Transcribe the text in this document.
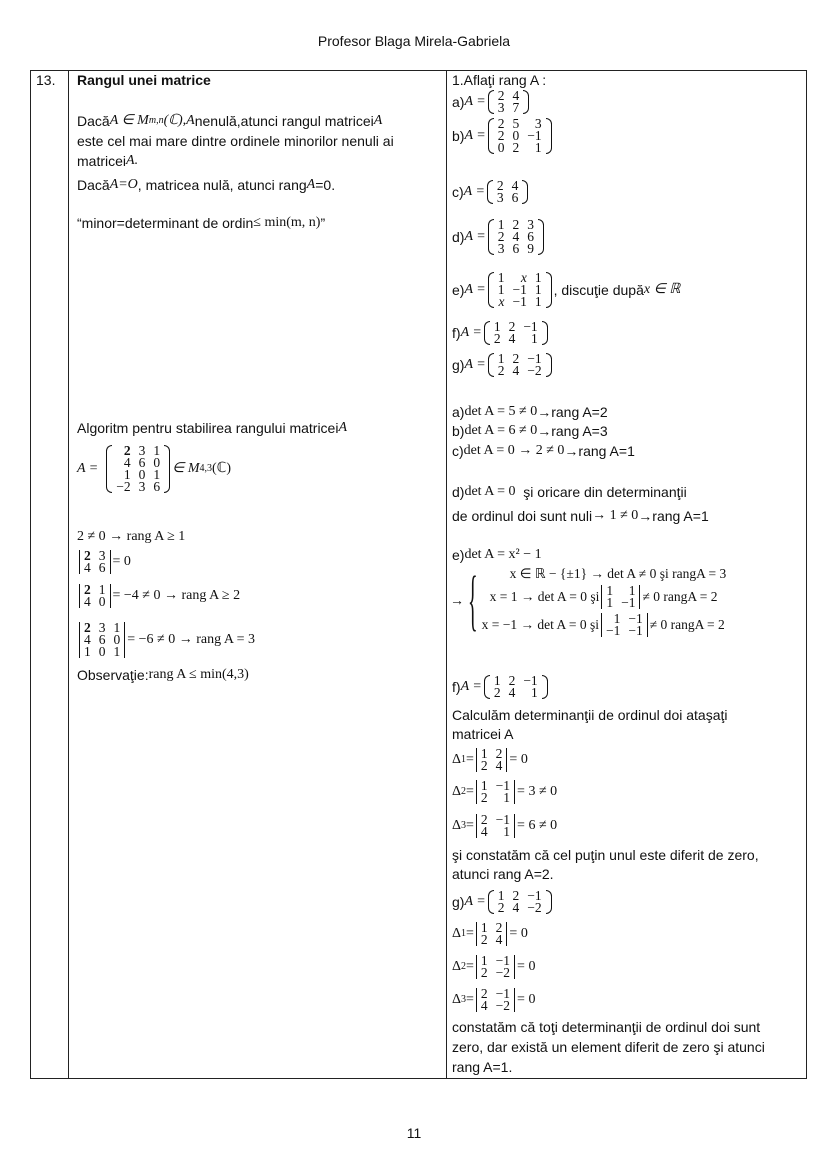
Profesor Blaga Mirela-Gabriela
13. Rangul unei matrice
Dacă A ∈ M m,n (ℂ),A nenulă,atunci rangul matricei A
este cel mai mare dintre ordinele minorilor nenuli ai
matricei A.
Dacă A=O , matricea nulă, atunci rang A =0.
“minor=determinant de ordin ≤ min(m, n) ”
Algoritm pentru stabilirea rangului matricei A
A =
2	3	1
4	6	0
1	0	1
−2	3	6
∈ M 4,3 (ℂ)
2 ≠ 0 → rang A ≥ 1
2	3
4	6 = 0
2	1
4	0 = −4 ≠ 0 → rang A ≥ 2
2	3	1
4	6	0
1	0	1
= −6 ≠ 0 → rang A = 3
Observaţie: rang A ≤ min(4,3)
1.Aflaţi rang A :
a) A = 2	4
3	7
b) A =
2	5	3
2	0	−1
0	2	1
c) A = 2	4
3	6
d) A =
1	2	3
2	4	6
3	6	9
e) A =
1	x	1
1	−1	1
x	−1	1
, discuţie după x ∈ ℝ
f) A = 1	2	−1
2	4	1
g) A = 1	2	−1
2	4	−2
a) det A = 5 ≠ 0 →rang A=2
b) det A = 6 ≠ 0 →rang A=3
c) det A = 0 → 2 ≠ 0 →rang A=1
d) det A = 0 şi oricare din determinanţii
de ordinul doi sunt nuli → 1 ≠ 0 →rang A=1
e) det A = x² − 1
→ {	x ∈ ℝ − {±1} → det A ≠ 0 şi rangA = 3
x = 1 → det A = 0 şi 1	1
1	−1 ≠ 0 rangA = 2
x = −1 → det A = 0 şi 1	−1
−1	−1 ≠ 0 rangA = 2
f) A = 1	2	−1
2	4	1
Calculăm determinanţii de ordinul doi ataşaţi
matricei A
Δ 1 = 1	2
2	4 = 0
Δ 2 = 1	−1
2	1 = 3 ≠ 0
Δ 3 = 2	−1
4	1 = 6 ≠ 0
şi constatăm că cel puţin unul este diferit de zero,
atunci rang A=2.
g) A = 1	2	−1
2	4	−2
Δ 1 = 1	2
2	4 = 0
Δ 2 = 1	−1
2	−2 = 0
Δ 3 = 2	−1
4	−2 = 0
constatăm că toţi determinanţii de ordinul doi sunt
zero, dar există un element diferit de zero şi atunci
rang A=1.
11
